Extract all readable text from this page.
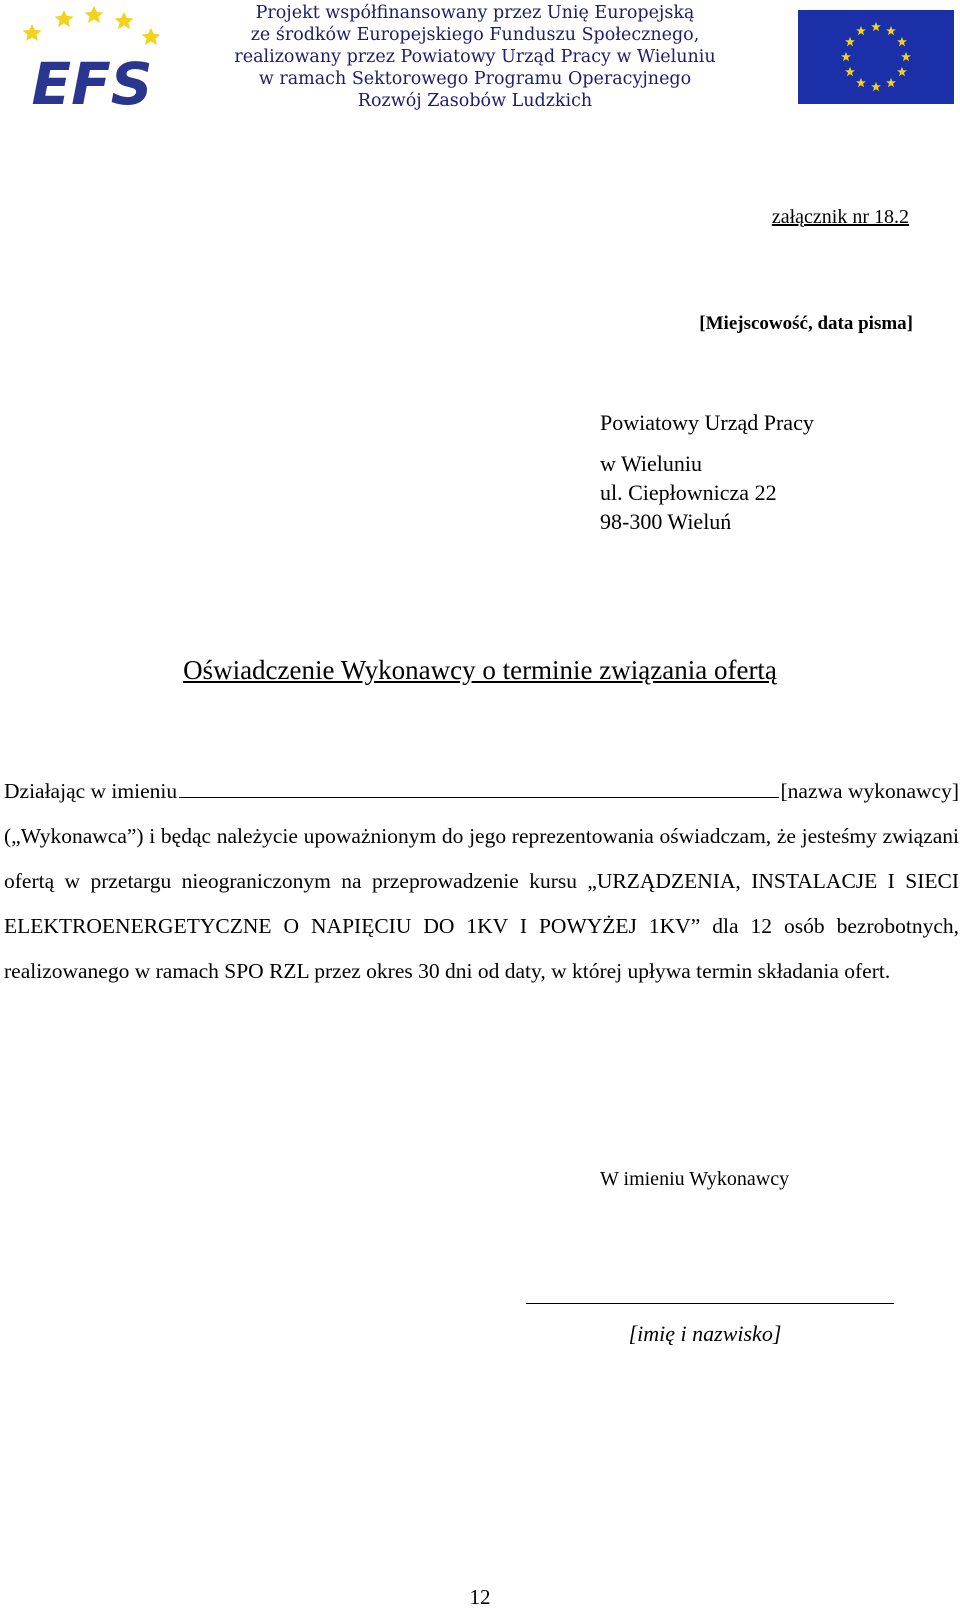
EFS
Projekt współfinansowany przez Unię Europejską
ze środków Europejskiego Funduszu Społecznego,
realizowany przez Powiatowy Urząd Pracy w Wieluniu
w ramach Sektorowego Programu Operacyjnego
Rozwój Zasobów Ludzkich
załącznik nr 18.2
[Miejscowość, data pisma]
Powiatowy Urząd Pracy
w Wieluniu
ul. Ciepłownicza 22
98-300 Wieluń
Oświadczenie Wykonawcy o terminie związania ofertą
Działając w imieniu	[nazwa wykonawcy]

(„Wykonawca”) i będąc należycie upoważnionym do jego reprezentowania oświadczam, że jesteśmy związani ofertą w przetargu nieograniczonym na przeprowadzenie kursu „URZĄDZENIA, INSTALACJE I SIECI ELEKTROENERGETYCZNE O NAPIĘCIU DO 1KV I POWYŻEJ 1KV” dla 12 osób bezrobotnych, realizowanego w ramach SPO RZL przez okres 30 dni od daty, w której upływa termin składania ofert.

W imieniu Wykonawcy
[imię i nazwisko]
12
